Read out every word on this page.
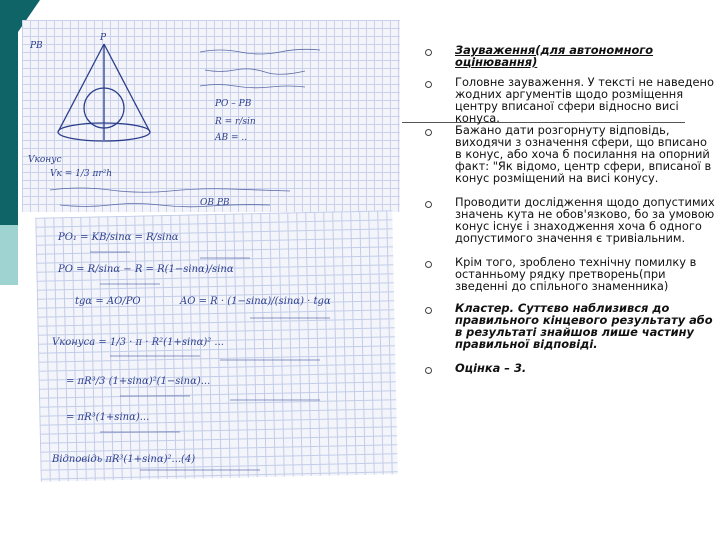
Р
РВ
Vконус
PO – PB
R = r/sin
AB = ..
Vк = 1/3 πr²h
OB PB
PO₁ = KB/sinα = R/sinα
PO = R/sinα − R = R(1−sinα)/sinα
tgα = AO/PO	AO = R · (1−sinα)/(sinα) · tgα
Vконуса = 1/3 · π · R²(1+sinα)² ...
= πR³/3 (1+sinα)²(1−sinα)...
= πR³(1+sinα)...
Відповідь πR³(1+sinα)²...(4)
Зауваження(для автономного оцінювання)
Головне зауваження. У тексті не наведено жодних аргументів щодо розміщення центру вписаної сфери відносно висі конуса.
Бажано дати розгорнуту відповідь, виходячи з означення сфери, що вписано в конус, або хоча б посилання на опорний факт: "Як відомо, центр сфери, вписаної в конус розміщений на висі конусу.
Проводити дослідження щодо допустимих значень кута не обов'язково, бо за умовою конус існує і знаходження хоча б одного допустимого значення є тривіальним.
Крім того, зроблено технічну помилку в останньому рядку претворень(при зведенні до спільного знаменника)
Кластер. Суттєво наблизився до правильного кінцевого результату або в результаті знайшов лише частину правильної відповіді.
Оцінка – 3.
